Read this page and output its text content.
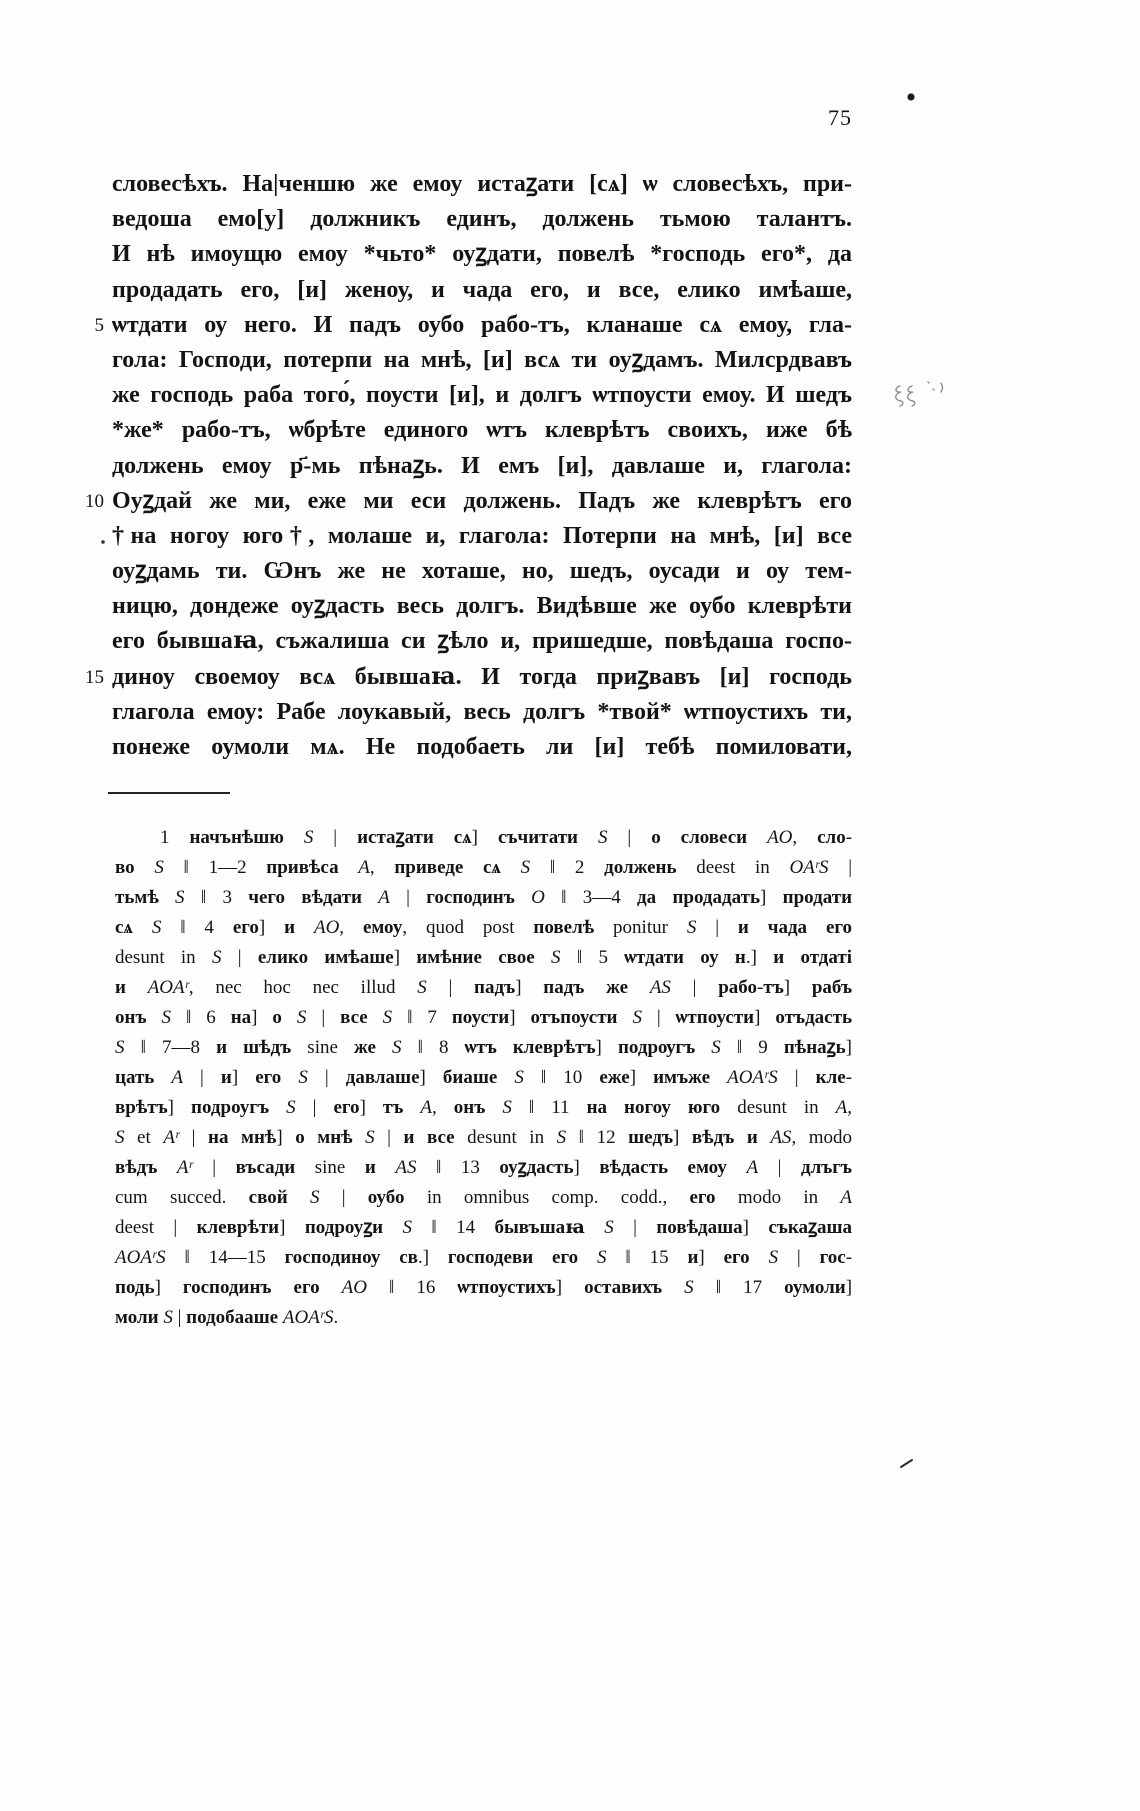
75
словесѣхъ. На|ченшю же емоу истаꙁати [сѧ] ѡ словесѣхъ, при-
ведоша емо[у] должникъ единъ, должень тьмою талантъ.
И нѣ имоущю емоу *чьто* оуꙁдати, повелѣ *господь его*, да
продадать его, [и] женоу, и чада его, и все, елико имѣаше,
5 ѡтдати оу него. И падъ оубо рабо-тъ, кланаше сѧ емоу, гла-
гола: Господи, потерпи на мнѣ, [и] всѧ ти оуꙁдамъ. Милсрдвавъ
же господь раба того́, поусти [и], и долгъ ѡтпоусти емоу. И шедъ
*же* рабо-тъ, ѡбрѣте единого ѡтъ клеврѣтъ своихъ, иже бѣ
должень емоу р҃-мь пѣнаꙁь. И емъ [и], давлаше и, глагола:
10 Оуꙁдай же ми, еже ми еси должень. Падъ же клеврѣтъ его
†на ногоу юго†, молаше и, глагола: Потерпи на мнѣ, [и] все
оуꙁдамь ти. Ѡнъ же не хоташе, но, шедъ, оусади и оу тем-
ницю, дондеже оуꙁдасть весь долгъ. Видѣвше же оубо клеврѣти
его бывшаꙗ, съжалиша си ꙁѣло и, пришедше, повѣдаша госпо-
15 диноу своемоу всѧ бывшаꙗ. И тогда приꙁвавъ [и] господь
глагола емоу: Рабе лоукавый, весь долгъ *твой* ѡтпоустихъ ти,
понеже оумоли мѧ. Не подобаеть ли [и] тебѣ помиловати,
1 начънѣшю S | истаꙁати сѧ] съчитати S | о словеси AO, сло-
во S ‖ 1—2 привѣса A, приведе сѧ S ‖ 2 должень deest in OAʳS |
тьмѣ S ‖ 3 чего вѣдати A | господинъ O ‖ 3—4 да продадать] продати
сѧ S ‖ 4 его] и AO, емоу, quod post повелѣ ponitur S | и чада его
desunt in S | елико имѣаше] имѣние свое S ‖ 5 ѡтдати оу н.] и отдаті
и AOAʳ, nec hoc nec illud S | падъ] падъ же AS | рабо-тъ] рабъ
онъ S ‖ 6 на] о S | все S ‖ 7 поусти] отъпоусти S | ѡтпоусти] отъдасть
S ‖ 7—8 и шѣдъ sine же S ‖ 8 ѡтъ клеврѣтъ] подрѹгъ S ‖ 9 пѣнаꙁь]
цать A | и] его S | давлаше] биаше S ‖ 10 еже] имъже AOAʳS | кле-
врѣтъ] подроугъ S | его] тъ A, онъ S ‖ 11 на ногоу юго desunt in A,
S et Aʳ | на мнѣ] о мнѣ S | и все desunt in S ‖ 12 шедъ] вѣдъ и AS, modo
вѣдъ Aʳ | въсади sine и AS ‖ 13 оуꙁдасть] вѣдасть емоу A | длъгъ
cum succed. свой S | оубо in omnibus comp. codd., его modo in A
deest | клеврѣти] подроуꙁи S ‖ 14 бывъшаꙗ S | повѣдаша] съкаꙁаша
AOAʳS ‖ 14—15 господиноу св.] господеви его S ‖ 15 и] его S | гос-
подь] господинъ его AO ‖ 16 ѡтпоустихъ] оставихъ S ‖ 17 оумоли]
моли S | подобааше AOAʳS.
